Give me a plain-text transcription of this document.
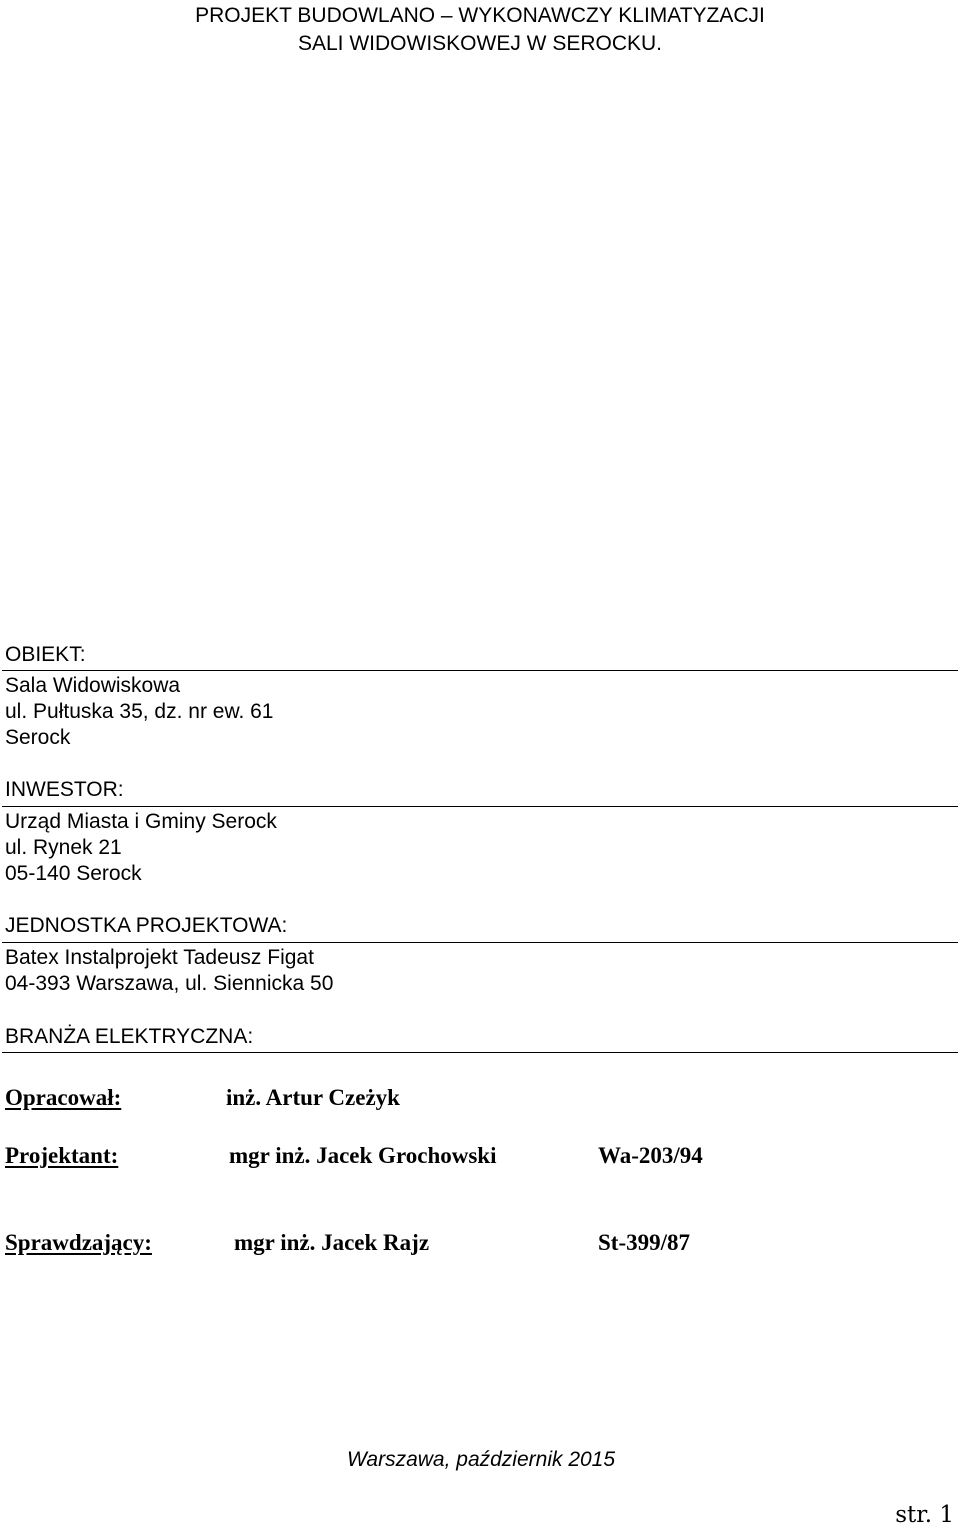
PROJEKT BUDOWLANO – WYKONAWCZY KLIMATYZACJI
SALI WIDOWISKOWEJ W SEROCKU.
OBIEKT:
Sala Widowiskowa
ul. Pułtuska 35, dz. nr ew. 61
Serock
INWESTOR:
Urząd Miasta i Gminy Serock
ul. Rynek 21
05-140 Serock
JEDNOSTKA PROJEKTOWA:
Batex Instalprojekt Tadeusz Figat
04-393 Warszawa, ul. Siennicka 50
BRANŻA ELEKTRYCZNA:
Opracował:	inż. Artur Czeżyk
Projektant:	mgr inż. Jacek Grochowski	Wa-203/94
Sprawdzający:	mgr inż. Jacek Rajz	St-399/87
Warszawa, październik 2015
str. 1
